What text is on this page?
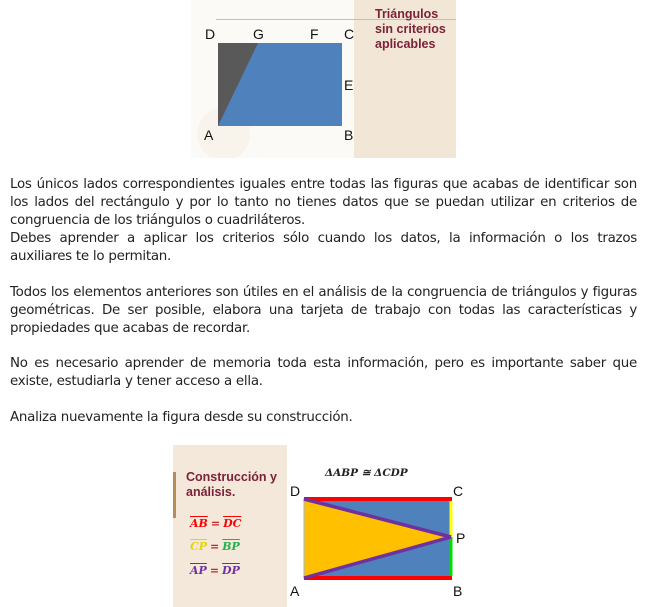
Triángulos sin criterios aplicables
D	G	F C
E
A	B

Los únicos lados correspondientes iguales entre todas las figuras que acabas de identificar son los lados del rectángulo y por lo tanto no tienes datos que se puedan utilizar en criterios de congruencia de los triángulos o cuadriláteros.

Debes aprender a aplicar los criterios sólo cuando los datos, la información o los trazos auxiliares te lo permitan.

Todos los elementos anteriores son útiles en el análisis de la congruencia de triángulos y figuras geométricas. De ser posible, elabora una tarjeta de trabajo con todas las características y propiedades que acabas de recordar.

No es necesario aprender de memoria toda esta información, pero es importante saber que existe, estudiarla y tener acceso a ella.

Analiza nuevamente la figura desde su construcción.

Construcción y análisis.
$\overline{AB} = \overline{DC}$
$\overline{CP} = \overline{BP}$
$\overline{AP} = \overline{DP}$
ΔABP ≅ ΔCDP
D	C
P
A	B
